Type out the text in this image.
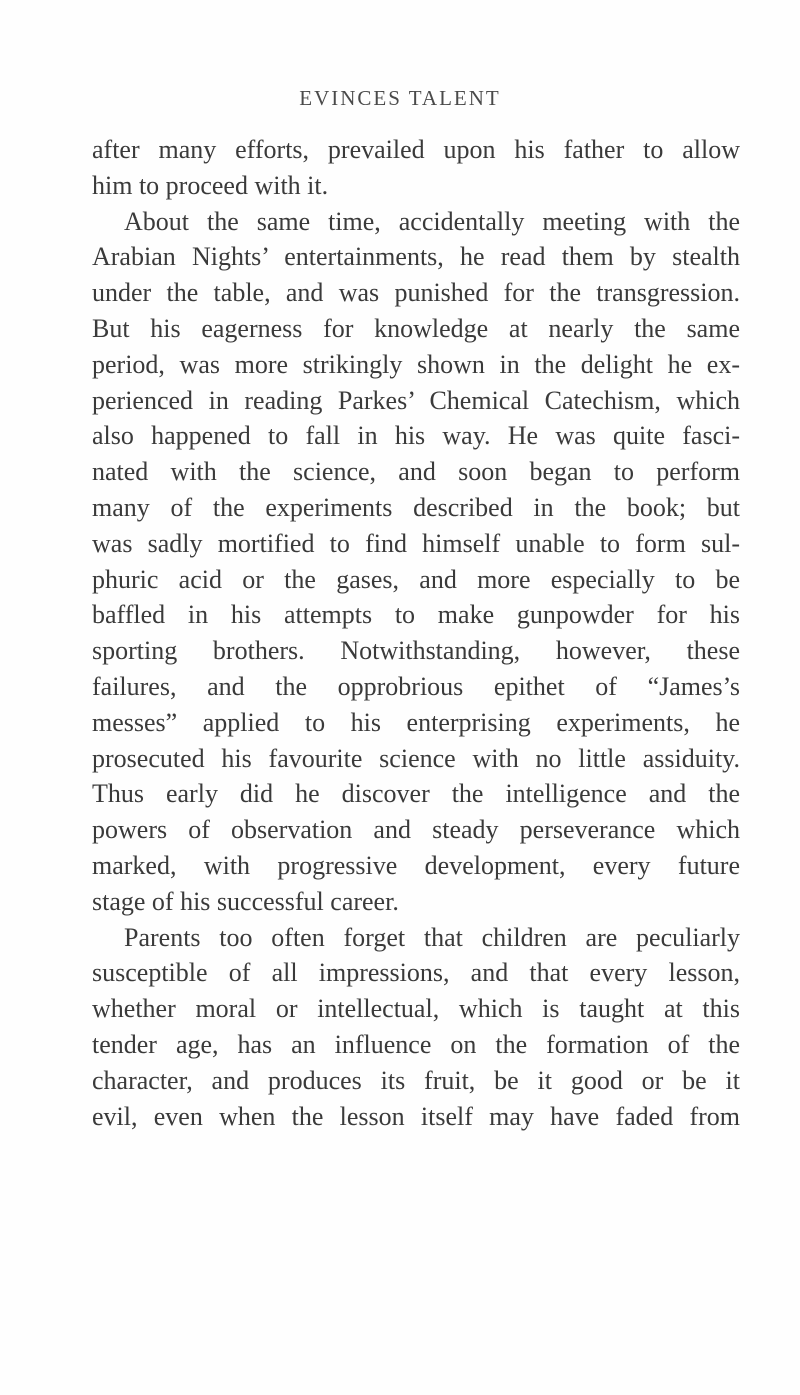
EVINCES TALENT
after many efforts, prevailed upon his father to allow
him to proceed with it.
About the same time, accidentally meeting with the
Arabian Nights’ entertainments, he read them by stealth
under the table, and was punished for the transgression.
But his eagerness for knowledge at nearly the same
period, was more strikingly shown in the delight he ex-
perienced in reading Parkes’ Chemical Catechism, which
also happened to fall in his way. He was quite fasci-
nated with the science, and soon began to perform
many of the experiments described in the book; but
was sadly mortified to find himself unable to form sul-
phuric acid or the gases, and more especially to be
baffled in his attempts to make gunpowder for his
sporting brothers. Notwithstanding, however, these
failures, and the opprobrious epithet of “James’s
messes” applied to his enterprising experiments, he
prosecuted his favourite science with no little assiduity.
Thus early did he discover the intelligence and the
powers of observation and steady perseverance which
marked, with progressive development, every future
stage of his successful career.
Parents too often forget that children are peculiarly
susceptible of all impressions, and that every lesson,
whether moral or intellectual, which is taught at this
tender age, has an influence on the formation of the
character, and produces its fruit, be it good or be it
evil, even when the lesson itself may have faded from
